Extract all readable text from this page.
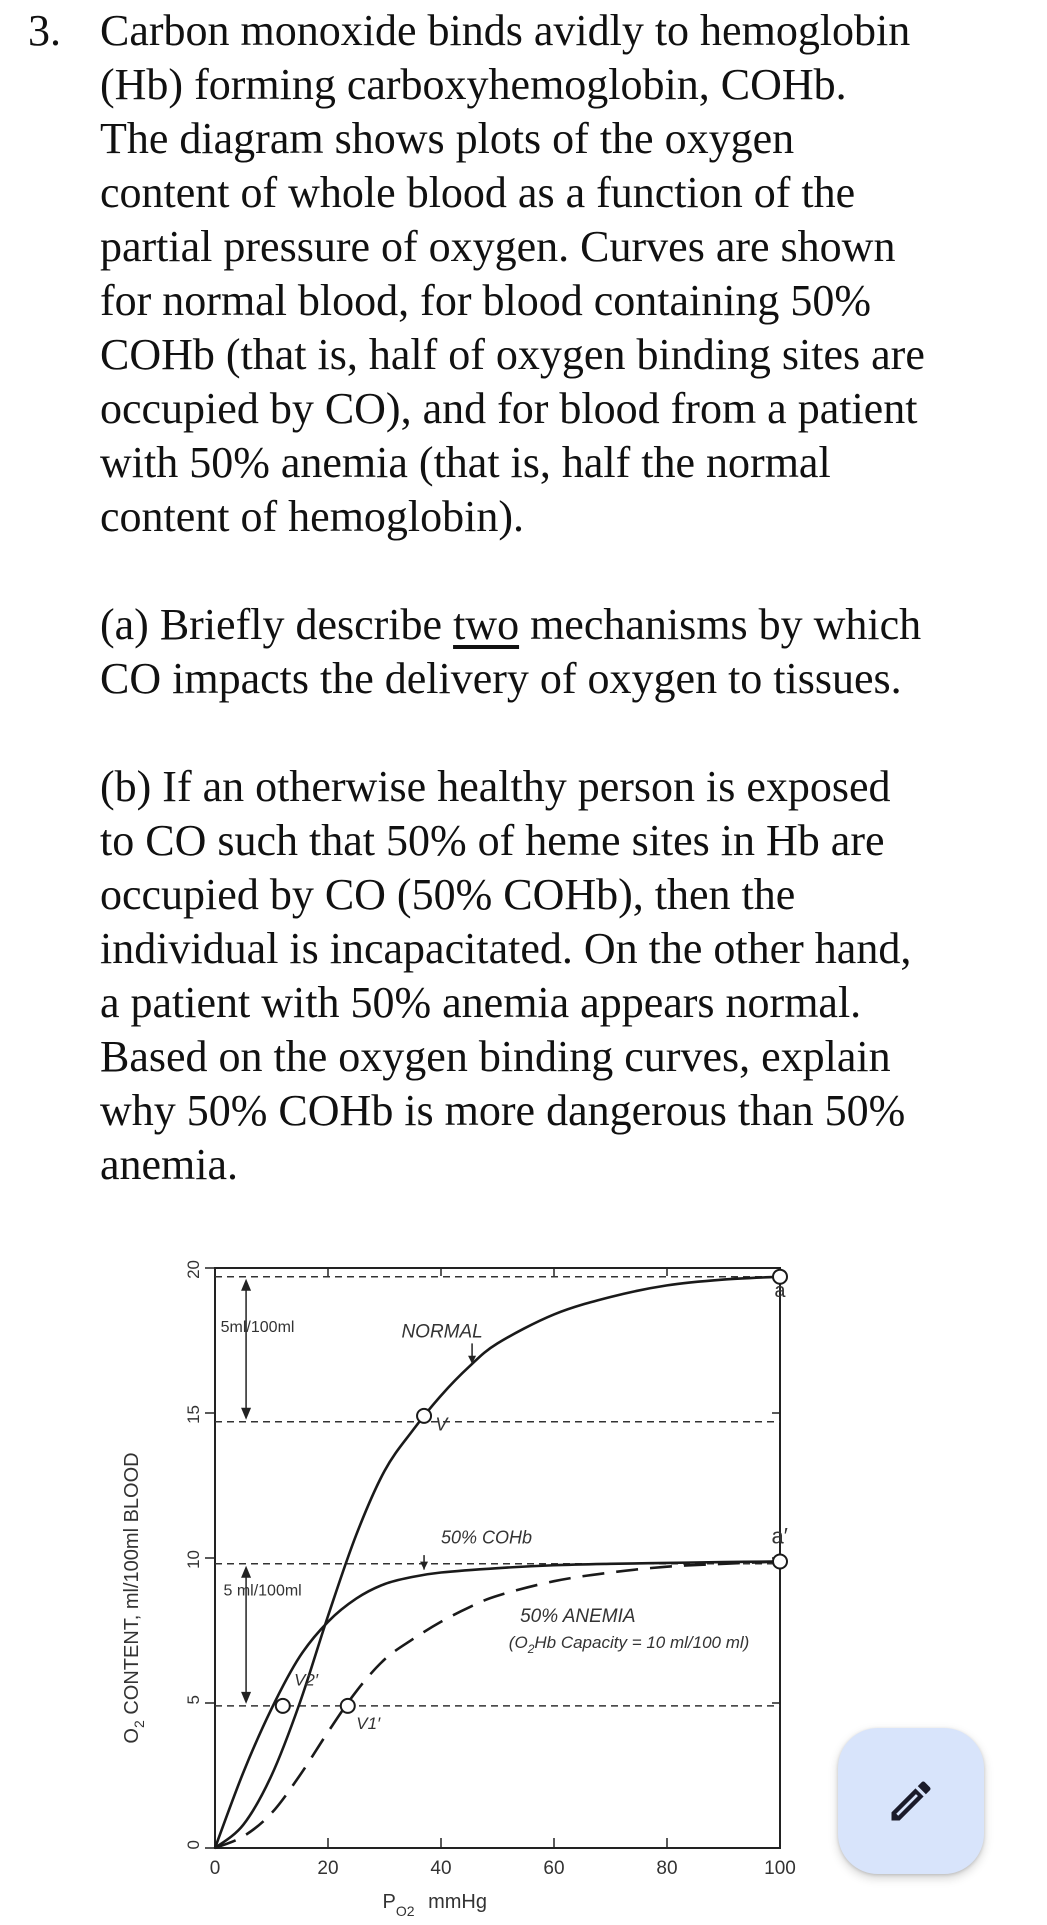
3. Carbon monoxide binds avidly to hemoglobin
(Hb) forming carboxyhemoglobin, COHb.
The diagram shows plots of the oxygen
content of whole blood as a function of the
partial pressure of oxygen. Curves are shown
for normal blood, for blood containing 50%
COHb (that is, half of oxygen binding sites are
occupied by CO), and for blood from a patient
with 50% anemia (that is, half the normal
content of hemoglobin).

(a) Briefly describe two mechanisms by which
CO impacts the delivery of oxygen to tissues.

(b) If an otherwise healthy person is exposed
to CO such that 50% of heme sites in Hb are
occupied by CO (50% COHb), then the
individual is incapacitated. On the other hand,
a patient with 50% anemia appears normal.
Based on the oxygen binding curves, explain
why 50% COHb is more dangerous than 50%
anemia.

0	20	40	60	80	100
0
5
10
15
20
NORMAL
50% COHb
50% ANEMIA
($O_2Hb$ Capacity = 10 ml/100 ml)
5ml/100ml
5 ml/100ml
a
a′
V
V2′
V1′
$O_2$ CONTENT, ml/100ml BLOOD
$P_{O2}$ mmHg
